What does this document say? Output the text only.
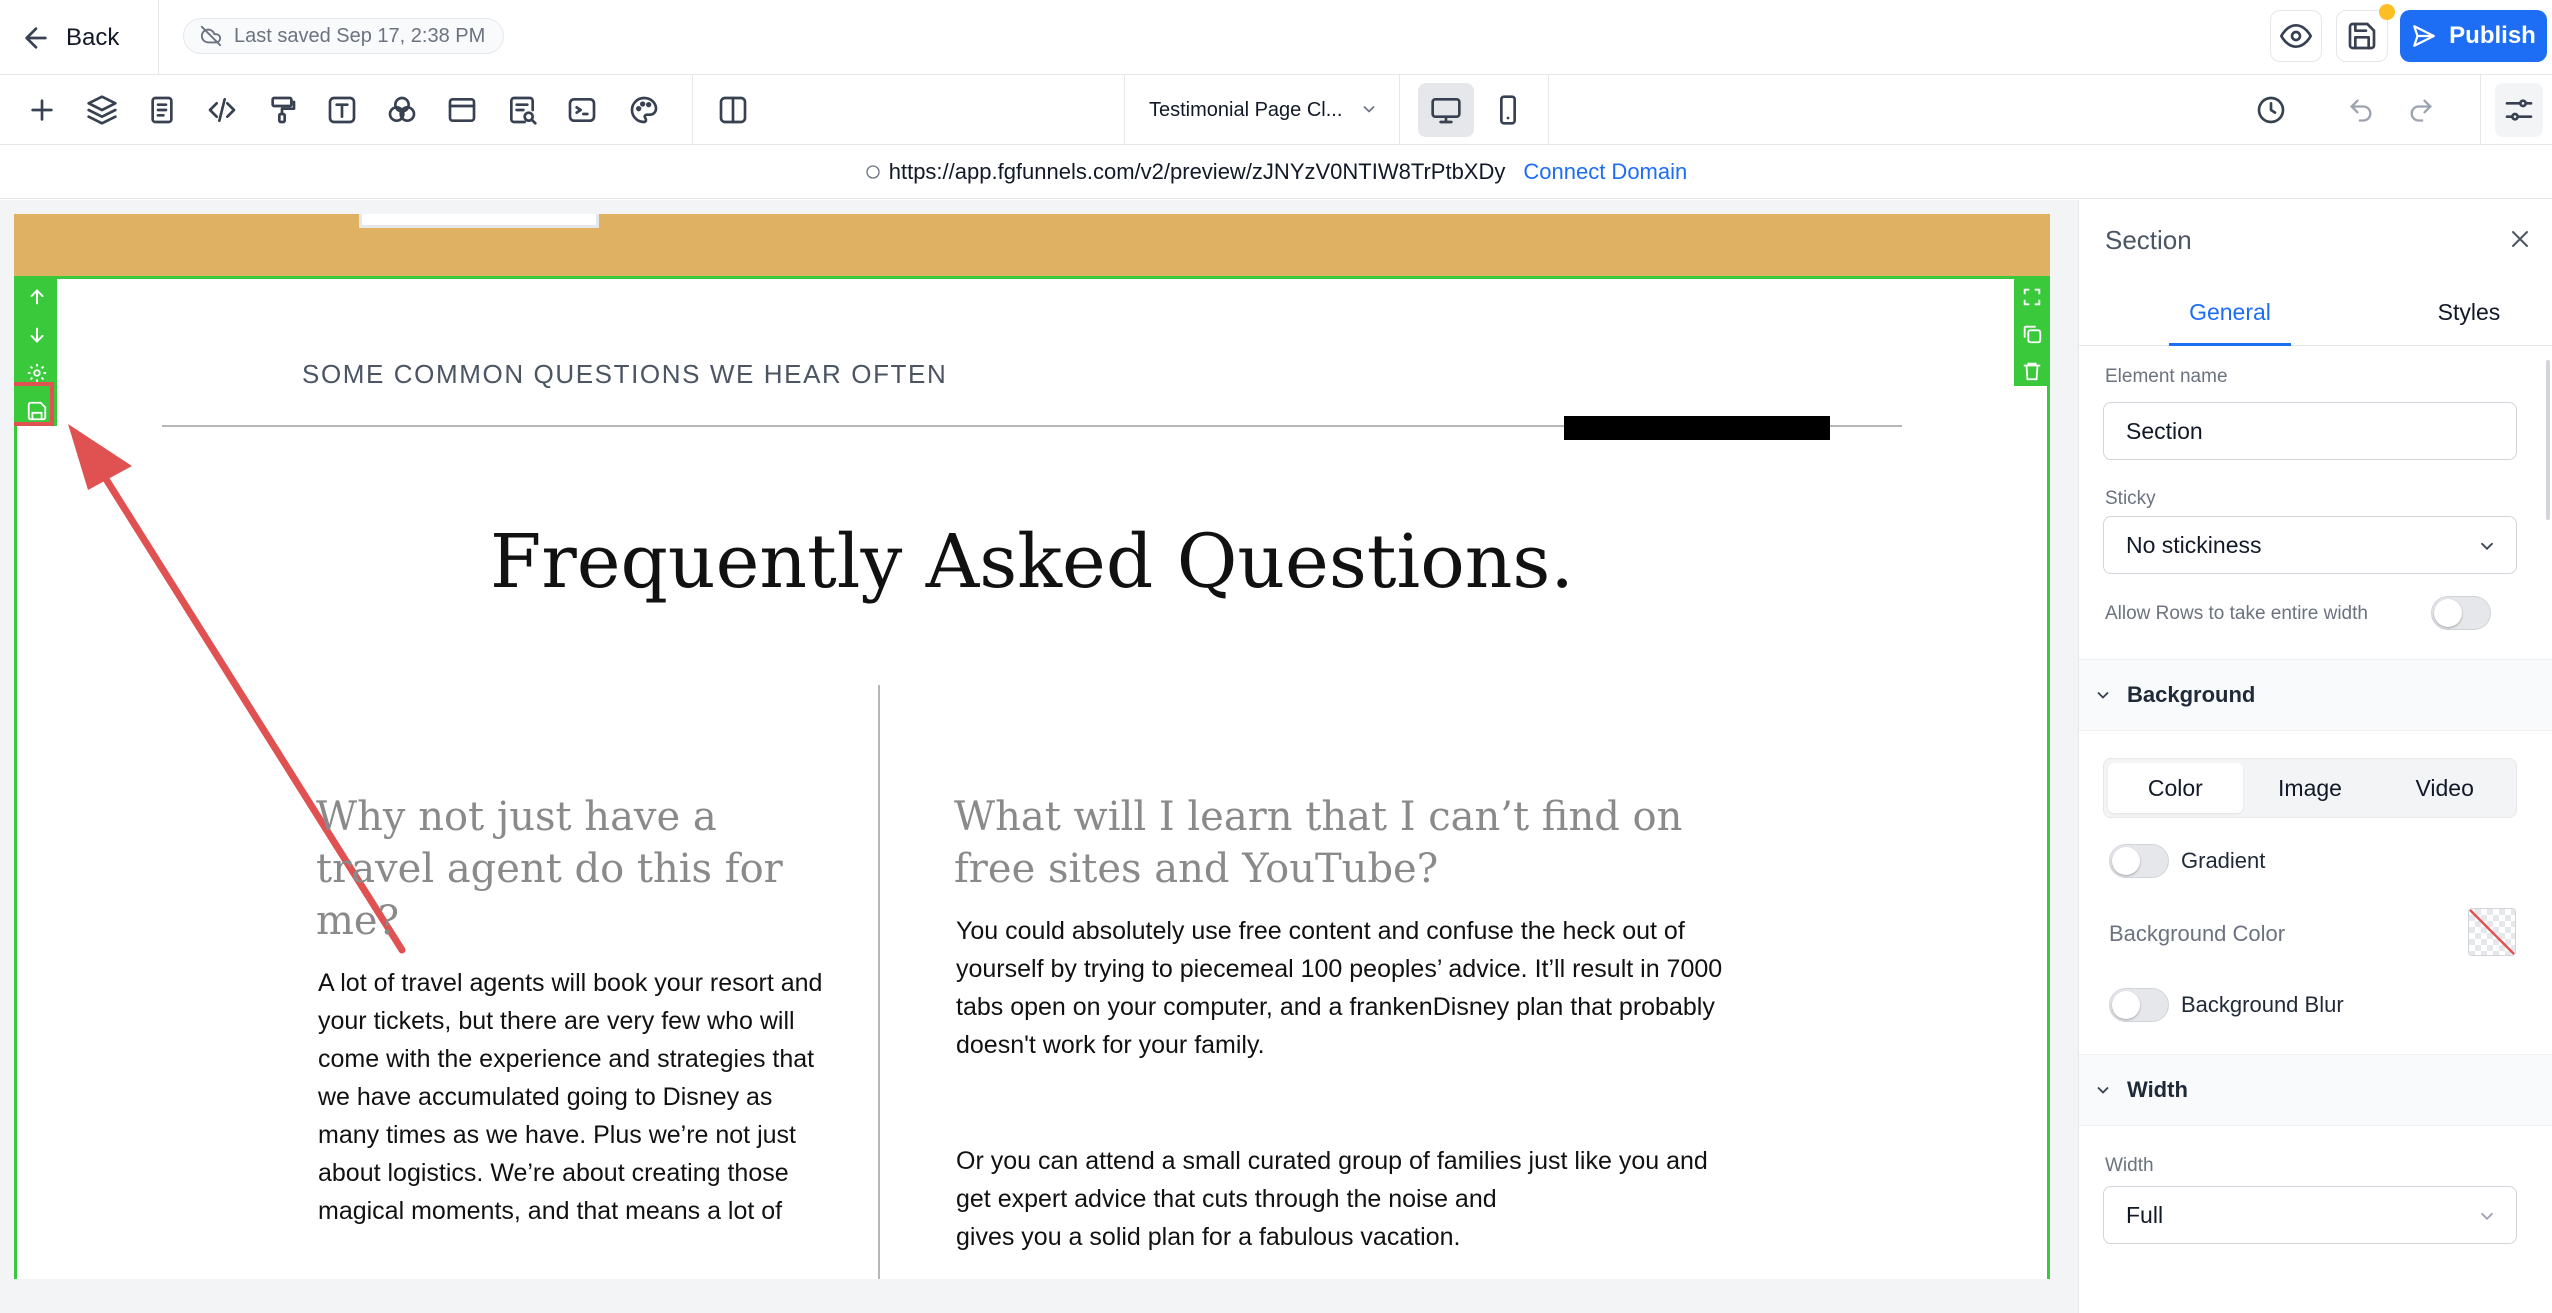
Back	Last saved Sep 17, 2:38 PM	Publish
Testimonial Page Cl...
https://app.fgfunnels.com/v2/preview/zJNYzV0NTIW8TrPtbXDy Connect Domain
SOME COMMON QUESTIONS WE HEAR OFTEN
Frequently Asked Questions.
Why not just have a travel agent do this for me?
A lot of travel agents will book your resort and your tickets, but there are very few who will come with the experience and strategies that we have accumulated going to Disney as many times as we have. Plus we’re not just about logistics. We’re about creating those magical moments, and that means a lot of
What will I learn that I can’t find on free sites and YouTube?
You could absolutely use free content and confuse the heck out of yourself by trying to piecemeal 100 peoples’ advice. It’ll result in 7000 tabs open on your computer, and a frankenDisney plan that probably doesn't work for your family.
Or you can attend a small curated group of families just like you and
get expert advice that cuts through the noise and
gives you a solid plan for a fabulous vacation.
Section
General	Styles
Element name
Section
Sticky
No stickiness
Allow Rows to take entire width
Background
Color	Image	Video
Gradient
Background Color
Background Blur
Width
Width
Full
